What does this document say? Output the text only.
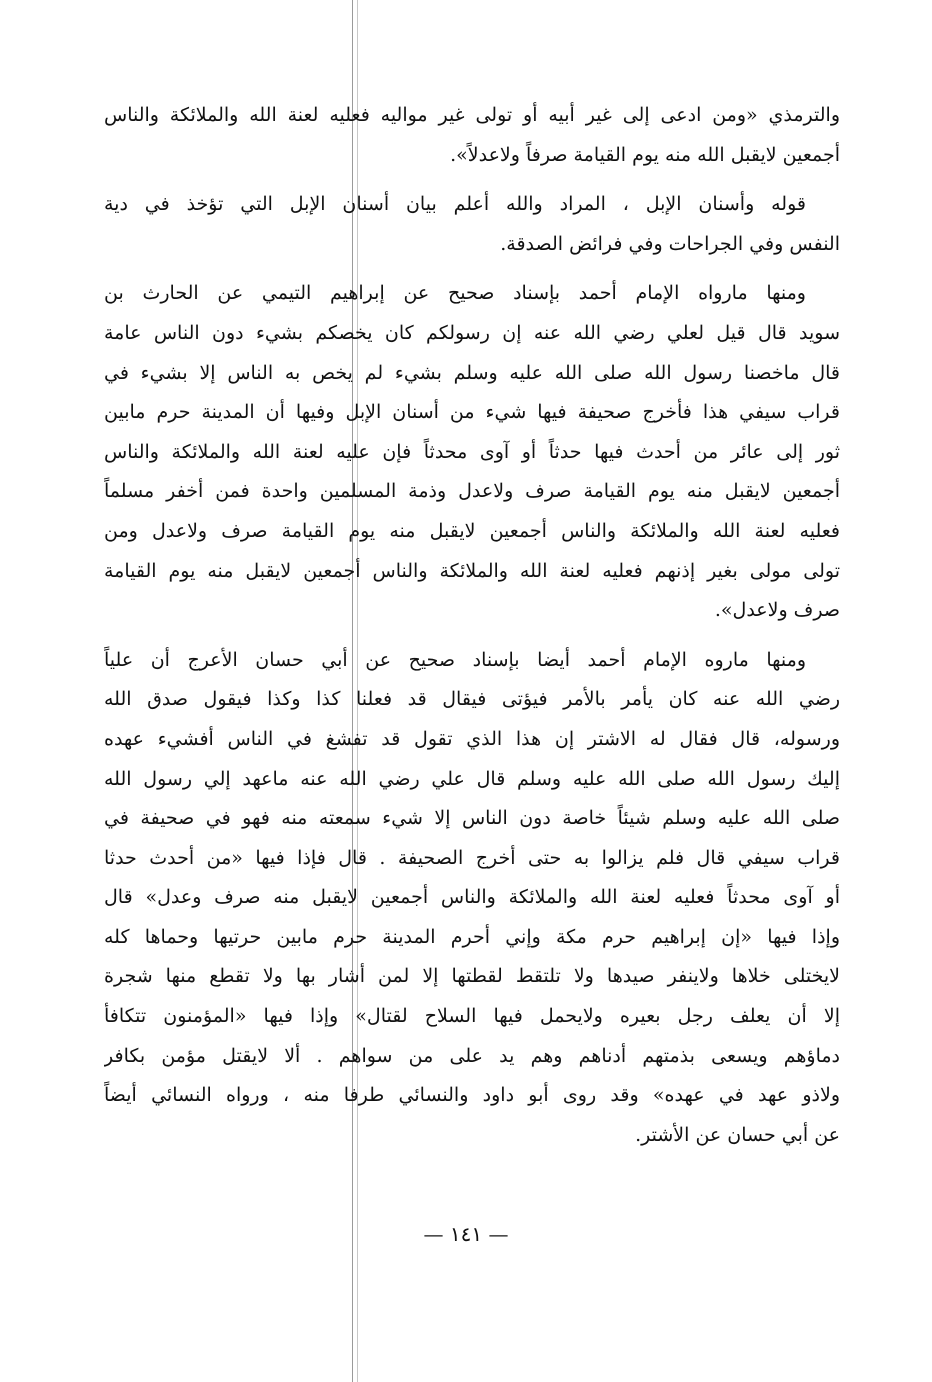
والترمذي «ومن ادعى إلى غير أبيه أو تولى غير مواليه فعليه لعنة الله والملائكة والناس
أجمعين لايقبل الله منه يوم القيامة صرفاً ولاعدلاً».
قوله وأسنان الإبل ، المراد والله أعلم بيان أسنان الإبل التي تؤخذ في دية
النفس وفي الجراحات وفي فرائض الصدقة.
ومنها مارواه الإمام أحمد بإسناد صحيح عن إبراهيم التيمي عن الحارث بن
سويد قال قيل لعلي رضي الله عنه إن رسولكم كان يخصكم بشيء دون الناس عامة
قال ماخصنا رسول الله صلى الله عليه وسلم بشيء لم يخص به الناس إلا بشيء في
قراب سيفي هذا فأخرج صحيفة فيها شيء من أسنان الإبل وفيها أن المدينة حرم مابين
ثور إلى عائر من أحدث فيها حدثاً أو آوى محدثاً فإن عليه لعنة الله والملائكة والناس
أجمعين لايقبل منه يوم القيامة صرف ولاعدل وذمة المسلمين واحدة فمن أخفر مسلماً
فعليه لعنة الله والملائكة والناس أجمعين لايقبل منه يوم القيامة صرف ولاعدل ومن
تولى مولى بغير إذنهم فعليه لعنة الله والملائكة والناس أجمعين لايقبل منه يوم القيامة
صرف ولاعدل».
ومنها ماروه الإمام أحمد أيضا بإسناد صحيح عن أبي حسان الأعرج أن علياً
رضي الله عنه كان يأمر بالأمر فيؤتى فيقال قد فعلنا كذا وكذا فيقول صدق الله
ورسوله، قال فقال له الاشتر إن هذا الذي تقول قد تفشغ في الناس أفشيء عهده
إليك رسول الله صلى الله عليه وسلم قال علي رضي الله عنه ماعهد إلي رسول الله
صلى الله عليه وسلم شيئاً خاصة دون الناس إلا شيء سمعته منه فهو في صحيفة في
قراب سيفي قال فلم يزالوا به حتى أخرج الصحيفة . قال فإذا فيها «من أحدث حدثا
أو آوى محدثاً فعليه لعنة الله والملائكة والناس أجمعين لايقبل منه صرف وعدل» قال
وإذا فيها «إن إبراهيم حرم مكة وإني أحرم المدينة حرم مابين حرتيها وحماها كله
لايختلى خلاها ولاينفر صيدها ولا تلتقط لقطتها إلا لمن أشار بها ولا تقطع منها شجرة
إلا أن يعلف رجل بعيره ولايحمل فيها السلاح لقتال» وإذا فيها «المؤمنون تتكافأ
دماؤهم ويسعى بذمتهم أدناهم وهم يد على من سواهم . ألا لايقتل مؤمن بكافر
ولاذو عهد في عهده» وقد روى أبو داود والنسائي طرفا منه ، ورواه النسائي أيضاً
عن أبي حسان عن الأشتر.
— ١٤١ —
